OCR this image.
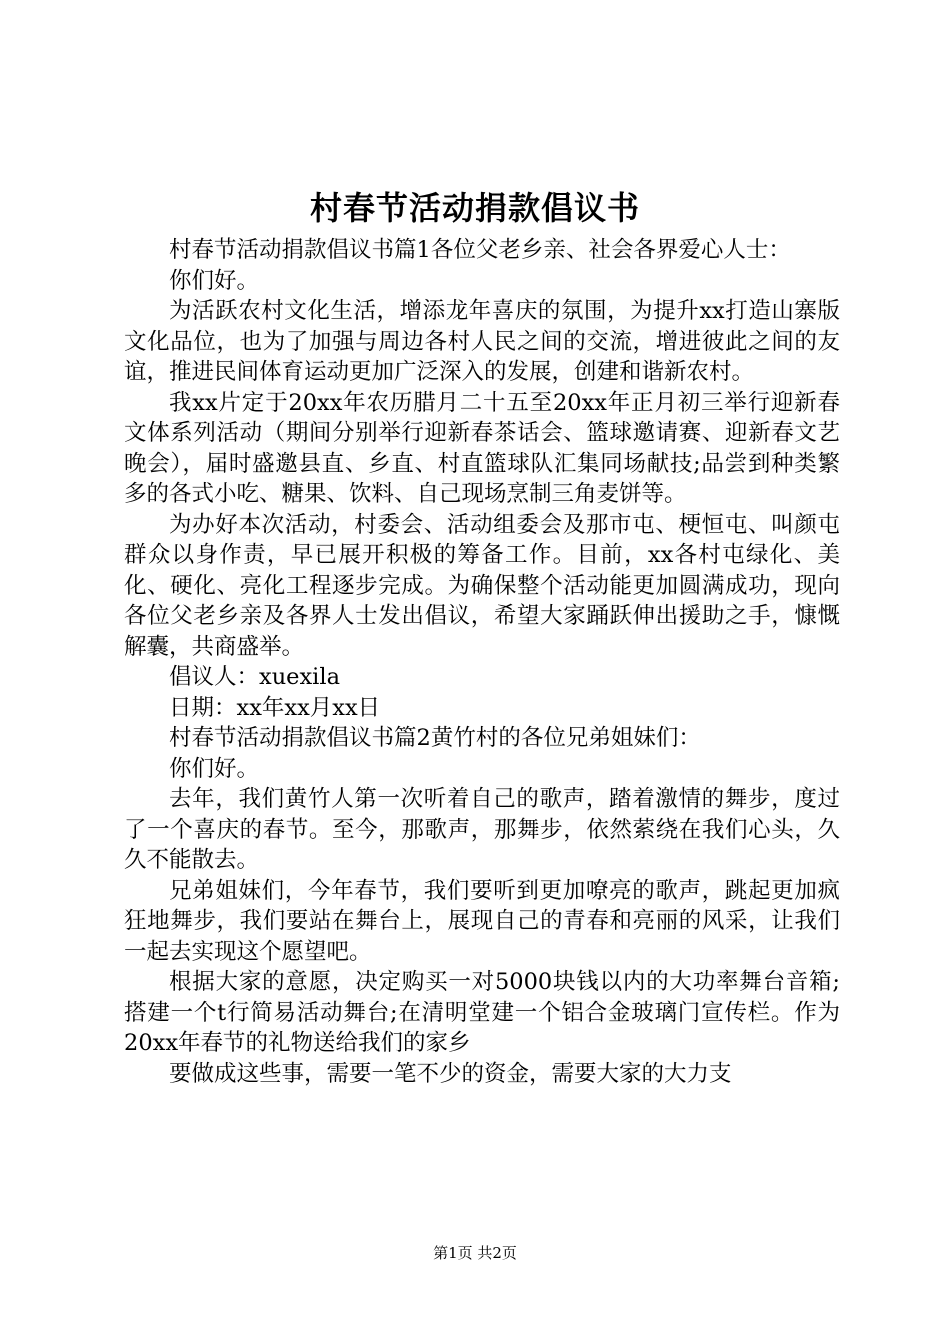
村春节活动捐款倡议书

村春节活动捐款倡议书篇1各位父老乡亲、社会各界爱心人士：

你们好。

为活跃农村文化生活，增添龙年喜庆的氛围，为提升xx打造山寨版文化品位，也为了加强与周边各村人民之间的交流，增进彼此之间的友谊，推进民间体育运动更加广泛深入的发展，创建和谐新农村。

我xx片定于20xx年农历腊月二十五至20xx年正月初三举行迎新春文体系列活动（期间分别举行迎新春茶话会、篮球邀请赛、迎新春文艺晚会），届时盛邀县直、乡直、村直篮球队汇集同场献技;品尝到种类繁多的各式小吃、糖果、饮料、自己现场烹制三角麦饼等。

为办好本次活动，村委会、活动组委会及那市屯、梗恒屯、叫颜屯群众以身作责，早已展开积极的筹备工作。目前，xx各村屯绿化、美化、硬化、亮化工程逐步完成。为确保整个活动能更加圆满成功，现向各位父老乡亲及各界人士发出倡议，希望大家踊跃伸出援助之手，慷慨解囊，共商盛举。

倡议人：xuexila

日期：xx年xx月xx日

村春节活动捐款倡议书篇2黄竹村的各位兄弟姐妹们：

你们好。

去年，我们黄竹人第一次听着自己的歌声，踏着激情的舞步，度过了一个喜庆的春节。至今，那歌声，那舞步，依然萦绕在我们心头，久久不能散去。

兄弟姐妹们，今年春节，我们要听到更加嘹亮的歌声，跳起更加疯狂地舞步，我们要站在舞台上，展现自己的青春和亮丽的风采，让我们一起去实现这个愿望吧。

根据大家的意愿，决定购买一对5000块钱以内的大功率舞台音箱;搭建一个t行简易活动舞台;在清明堂建一个铝合金玻璃门宣传栏。作为20xx年春节的礼物送给我们的家乡

要做成这些事，需要一笔不少的资金，需要大家的大力支

第1页 共2页
